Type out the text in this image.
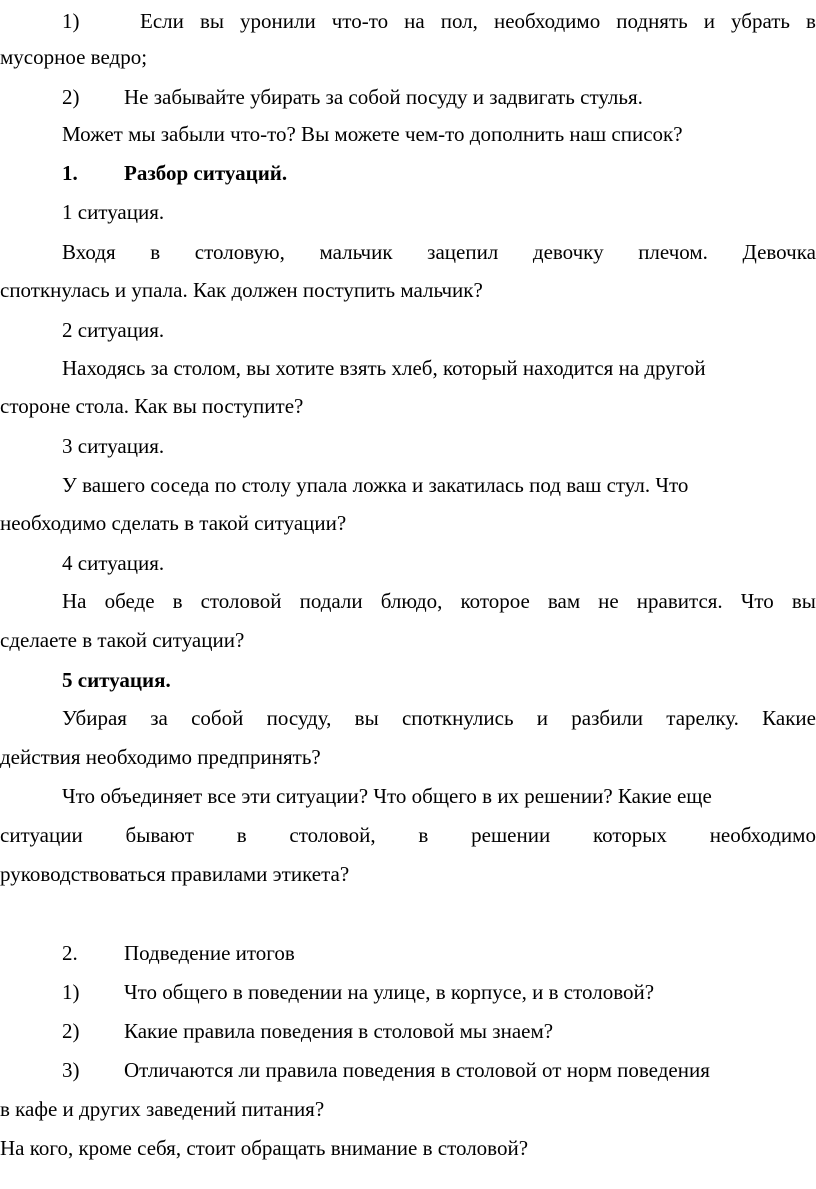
1)	Если вы уронили что-то на пол, необходимо поднять и убрать в
мусорное ведро;
2) Не забывайте убирать за собой посуду и задвигать стулья.
Может мы забыли что-то? Вы можете чем-то дополнить наш список?
1. Разбор ситуаций.
1 ситуация.
Входя в столовую, мальчик зацепил девочку плечом. Девочка
споткнулась и упала. Как должен поступить мальчик?
2 ситуация.
Находясь за столом, вы хотите взять хлеб, который находится на другой
стороне стола. Как вы поступите?
3 ситуация.
У вашего соседа по столу упала ложка и закатилась под ваш стул. Что
необходимо сделать в такой ситуации?
4 ситуация.
На обеде в столовой подали блюдо, которое вам не нравится. Что вы
сделаете в такой ситуации?
5 ситуация.
Убирая за собой посуду, вы споткнулись и разбили тарелку. Какие
действия необходимо предпринять?
Что объединяет все эти ситуации? Что общего в их решении? Какие еще
ситуации бывают в столовой, в решении которых необходимо
руководствоваться правилами этикета?
2. Подведение итогов
1) Что общего в поведении на улице, в корпусе, и в столовой?
2) Какие правила поведения в столовой мы знаем?
3) Отличаются ли правила поведения в столовой от норм поведения
в кафе и других заведений питания?
На кого, кроме себя, стоит обращать внимание в столовой?
